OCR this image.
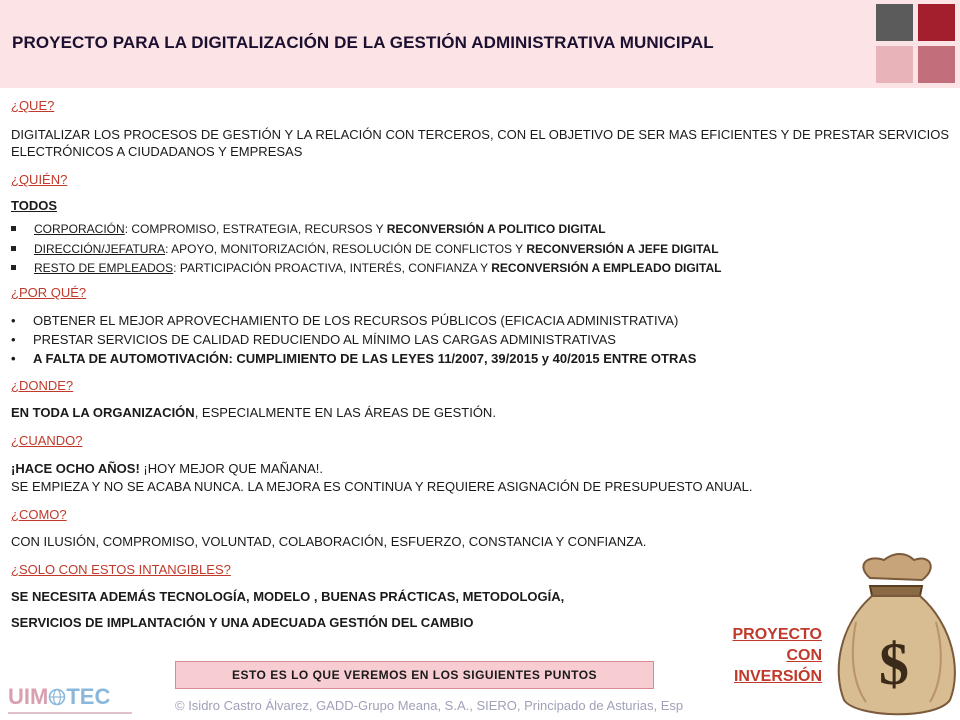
PROYECTO PARA LA DIGITALIZACIÓN DE LA GESTIÓN ADMINISTRATIVA MUNICIPAL
¿QUE?
DIGITALIZAR LOS PROCESOS DE GESTIÓN Y LA RELACIÓN CON TERCEROS, CON EL OBJETIVO DE SER MAS EFICIENTES Y DE PRESTAR SERVICIOS ELECTRÓNICOS A CIUDADANOS Y EMPRESAS
¿QUIÉN?
TODOS
CORPORACIÓN: COMPROMISO, ESTRATEGIA, RECURSOS Y RECONVERSIÓN A POLITICO DIGITAL
DIRECCIÓN/JEFATURA: APOYO, MONITORIZACIÓN, RESOLUCIÓN DE CONFLICTOS Y RECONVERSIÓN A JEFE DIGITAL
RESTO DE EMPLEADOS: PARTICIPACIÓN PROACTIVA, INTERÉS, CONFIANZA Y RECONVERSIÓN A EMPLEADO DIGITAL
¿POR QUÉ?
• OBTENER EL MEJOR APROVECHAMIENTO DE LOS RECURSOS PÚBLICOS (EFICACIA ADMINISTRATIVA)
• PRESTAR SERVICIOS DE CALIDAD REDUCIENDO AL MÍNIMO LAS CARGAS ADMINISTRATIVAS
• A FALTA DE AUTOMOTIVACIÓN: CUMPLIMIENTO DE LAS LEYES 11/2007, 39/2015 y 40/2015 ENTRE OTRAS
¿DONDE?
EN TODA LA ORGANIZACIÓN, ESPECIALMENTE EN LAS ÁREAS DE GESTIÓN.
¿CUANDO?
¡HACE OCHO AÑOS! ¡HOY MEJOR QUE MAÑANA!.
SE EMPIEZA Y NO SE ACABA NUNCA. LA MEJORA ES CONTINUA Y REQUIERE ASIGNACIÓN DE PRESUPUESTO ANUAL.
¿COMO?
CON ILUSIÓN, COMPROMISO, VOLUNTAD, COLABORACIÓN, ESFUERZO, CONSTANCIA Y CONFIANZA.
¿SOLO CON ESTOS INTANGIBLES?
SE NECESITA ADEMÁS TECNOLOGÍA, MODELO , BUENAS PRÁCTICAS, METODOLOGÍA,
SERVICIOS DE IMPLANTACIÓN Y UNA ADECUADA GESTIÓN DEL CAMBIO
PROYECTO
CON
INVERSIÓN $
ESTO ES LO QUE VEREMOS EN LOS SIGUIENTES PUNTOS
UIM TEC	© Isidro Castro Álvarez, GADD-Grupo Meana, S.A., SIERO, Principado de Asturias, Esp
